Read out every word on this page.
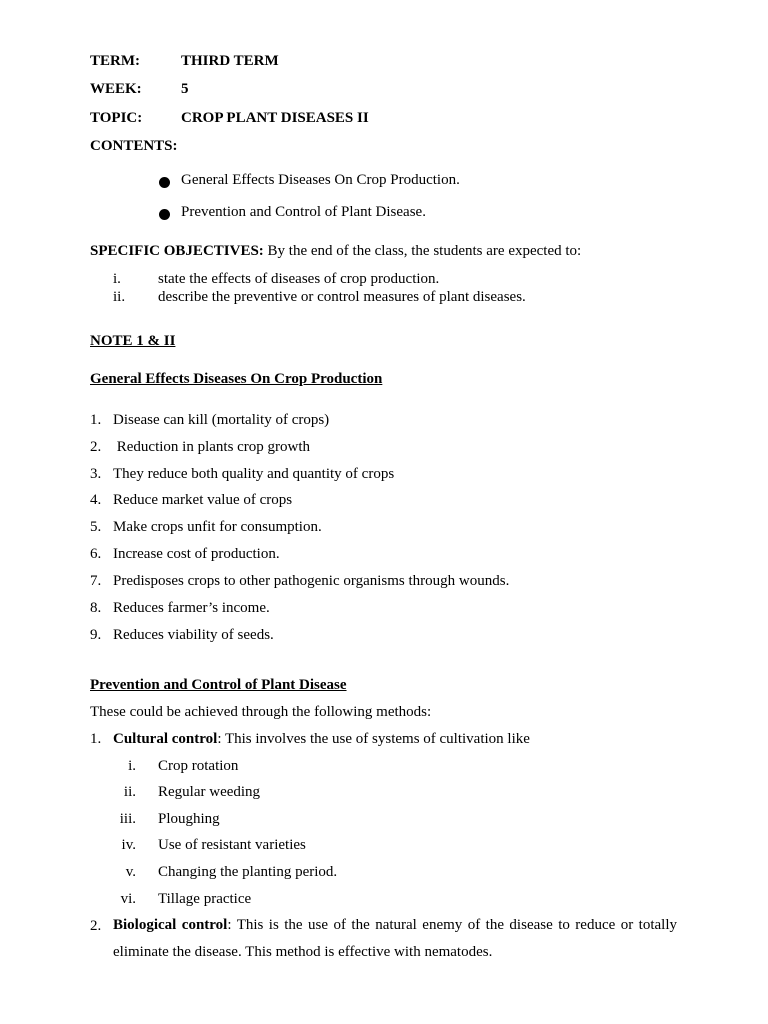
TERM:	THIRD TERM
WEEK:	5
TOPIC:	CROP PLANT DISEASES II
CONTENTS:
General Effects Diseases On Crop Production.
Prevention and Control of Plant Disease.
SPECIFIC OBJECTIVES: By the end of the class, the students are expected to:
i. state the effects of diseases of crop production.
ii. describe the preventive or control measures of plant diseases.
NOTE 1 & II
General Effects Diseases On Crop Production
1. Disease can kill (mortality of crops)
2. Reduction in plants crop growth
3. They reduce both quality and quantity of crops
4. Reduce market value of crops
5. Make crops unfit for consumption.
6. Increase cost of production.
7. Predisposes crops to other pathogenic organisms through wounds.
8. Reduces farmer’s income.
9. Reduces viability of seeds.
Prevention and Control of Plant Disease
These could be achieved through the following methods:
1. Cultural control: This involves the use of systems of cultivation like
i. Crop rotation
ii. Regular weeding
iii. Ploughing
iv. Use of resistant varieties
v. Changing the planting period.
vi. Tillage practice
2. Biological control: This is the use of the natural enemy of the disease to reduce or totally eliminate the disease. This method is effective with nematodes.
